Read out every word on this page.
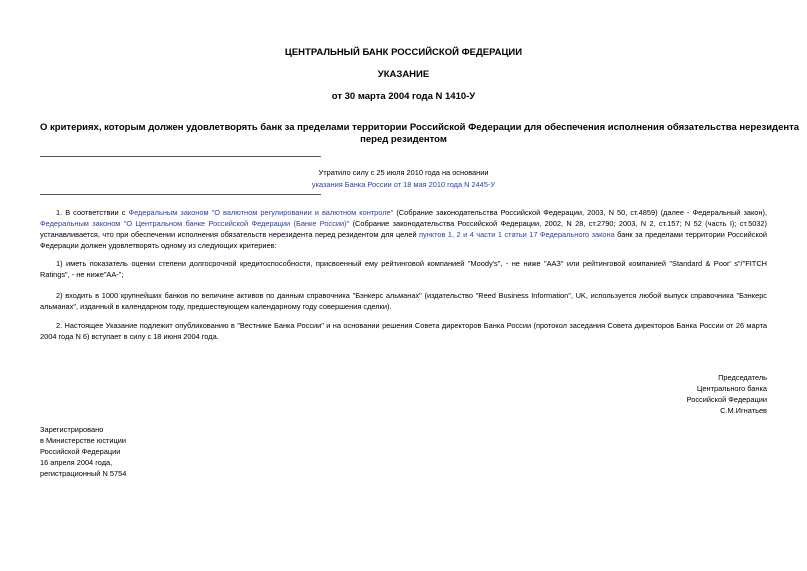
ЦЕНТРАЛЬНЫЙ БАНК РОССИЙСКОЙ ФЕДЕРАЦИИ
УКАЗАНИЕ
от 30 марта 2004 года N 1410-У
О критериях, которым должен удовлетворять банк за пределами территории Российской Федерации для обеспечения исполнения обязательства нерезидента
перед резидентом
Утратило силу с 25 июля 2010 года на основании
указания Банка России от 18 мая 2010 года N 2445-У
1. В соответствии с Федеральным законом "О валютном регулировании и валютном контроле" (Собрание законодательства Российской Федерации, 2003, N 50, ст.4859) (далее - Федеральный закон), Федеральным законом "О Центральном банке Российской Федерации (Банке России)" (Собрание законодательства Российской Федерации, 2002, N 28, ст.2790; 2003, N 2, ст.157; N 52 (часть I); ст.5032) устанавливается, что при обеспечении исполнения обязательств нерезидента перед резидентом для целей пунктов 1, 2 и 4 части 1 статьи 17 Федерального закона банк за пределами территории Российской Федерации должен удовлетворять одному из следующих критериев:
1) иметь показатель оценки степени долгосрочной кредитоспособности, присвоенный ему рейтинговой компанией "Moody's", - не ниже "ААЗ" или рейтинговой компанией "Standard & Poor' s"/"FITCH Ratings", - не ниже"АА-";
2) входить в 1000 крупнейших банков по величине активов по данным справочника "Бэнкерс альманах" (издательство "Reed Business Information", UK, используется любой выпуск справочника "Бэнкерс альманах", изданный в календарном году, предшествующем календарному году совершения сделки).
2. Настоящее Указание подлежит опубликованию в "Вестнике Банка России" и на основании решения Совета директоров Банка России (протокол заседания Совета директоров Банка России от 26 марта 2004 года N 6) вступает в силу с 18 июня 2004 года.
Председатель
Центрального банка
Российской Федерации
С.М.Игнатьев
Зарегистрировано
в Министерстве юстиции
Российской Федерации
16 апреля 2004 года,
регистрационный N 5754
